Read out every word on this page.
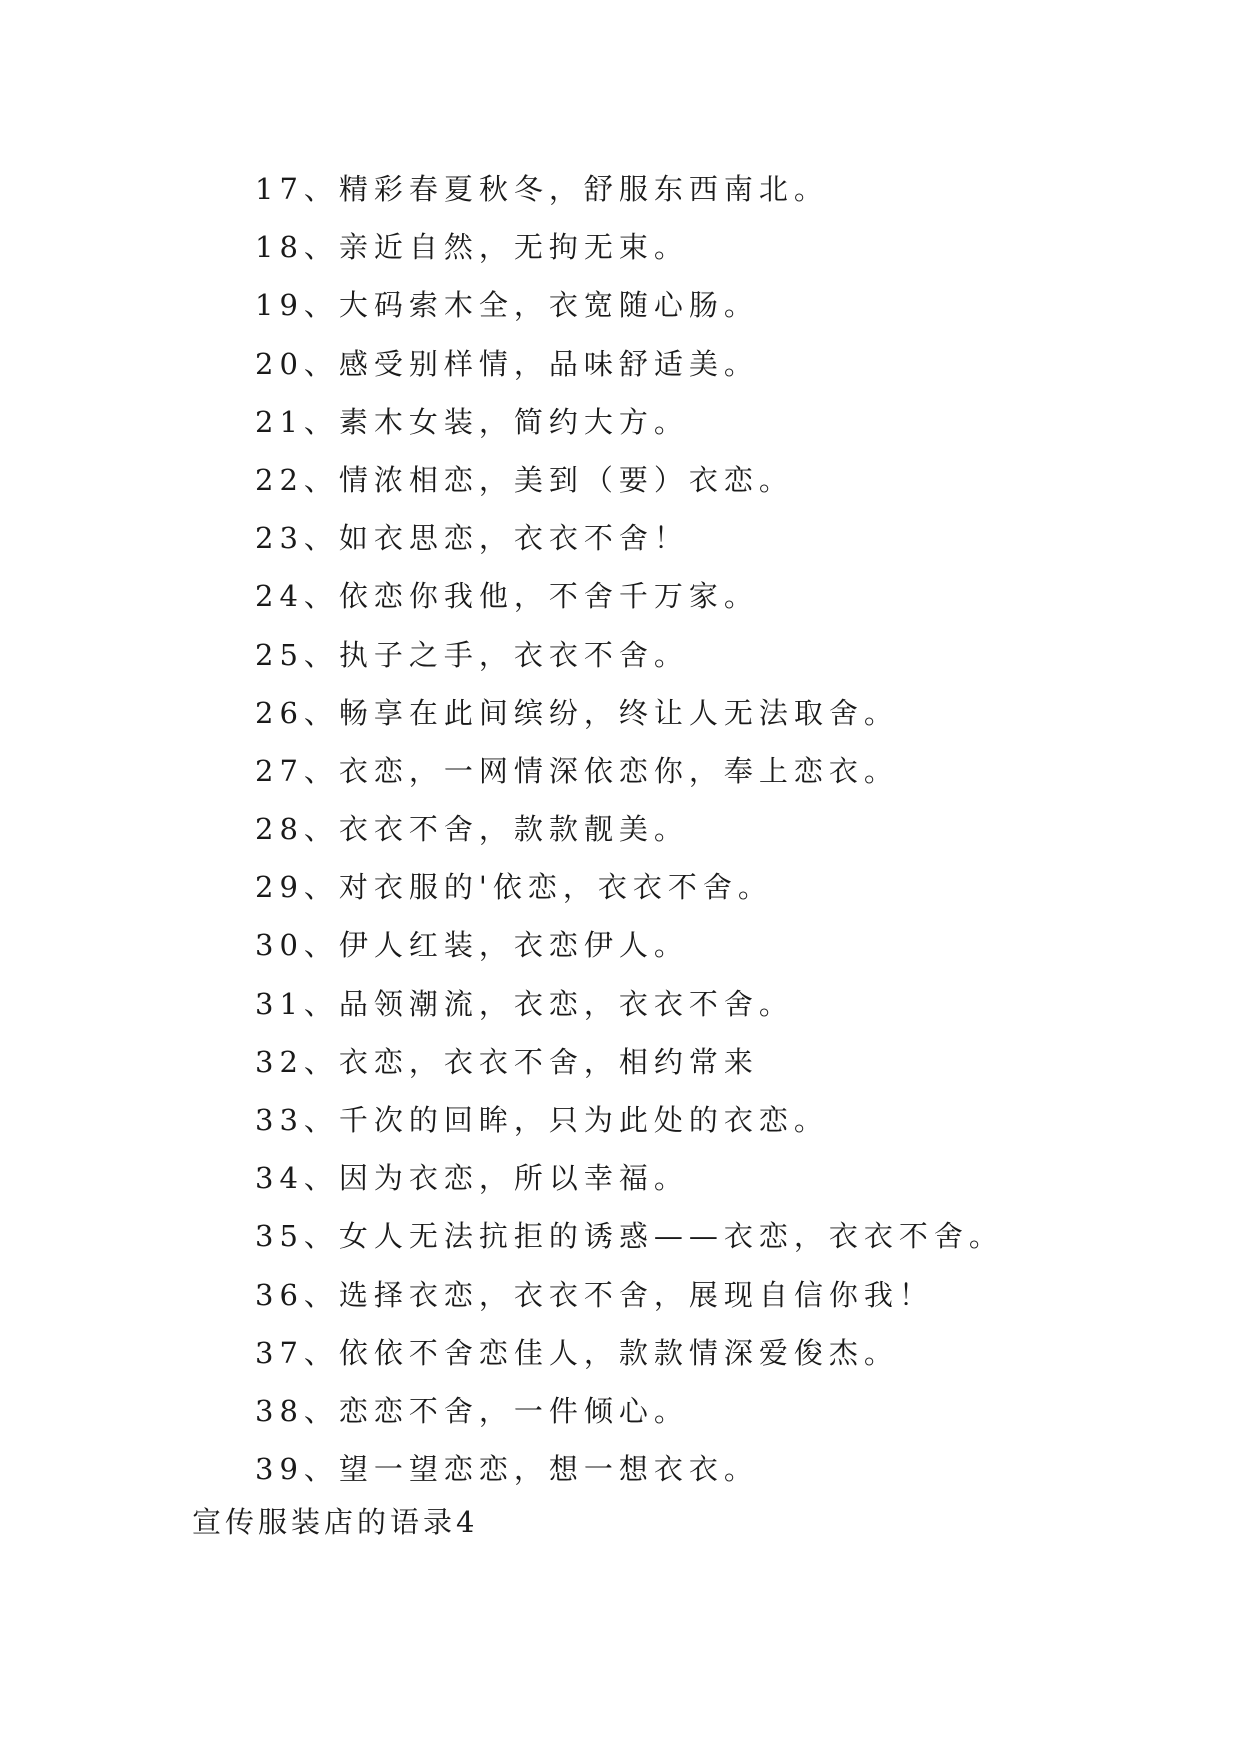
17、精彩春夏秋冬，舒服东西南北。
18、亲近自然，无拘无束。
19、大码索木全，衣宽随心肠。
20、感受别样情，品味舒适美。
21、素木女装，简约大方。
22、情浓相恋，美到（要）衣恋。
23、如衣思恋，衣衣不舍！
24、依恋你我他，不舍千万家。
25、执子之手，衣衣不舍。
26、畅享在此间缤纷，终让人无法取舍。
27、衣恋，一网情深依恋你，奉上恋衣。
28、衣衣不舍，款款靓美。
29、对衣服的'依恋，衣衣不舍。
30、伊人红装，衣恋伊人。
31、品领潮流，衣恋，衣衣不舍。
32、衣恋，衣衣不舍，相约常来
33、千次的回眸，只为此处的衣恋。
34、因为衣恋，所以幸福。
35、女人无法抗拒的诱惑——衣恋，衣衣不舍。
36、选择衣恋，衣衣不舍，展现自信你我！
37、依依不舍恋佳人，款款情深爱俊杰。
38、恋恋不舍，一件倾心。
39、望一望恋恋，想一想衣衣。
宣传服装店的语录4
